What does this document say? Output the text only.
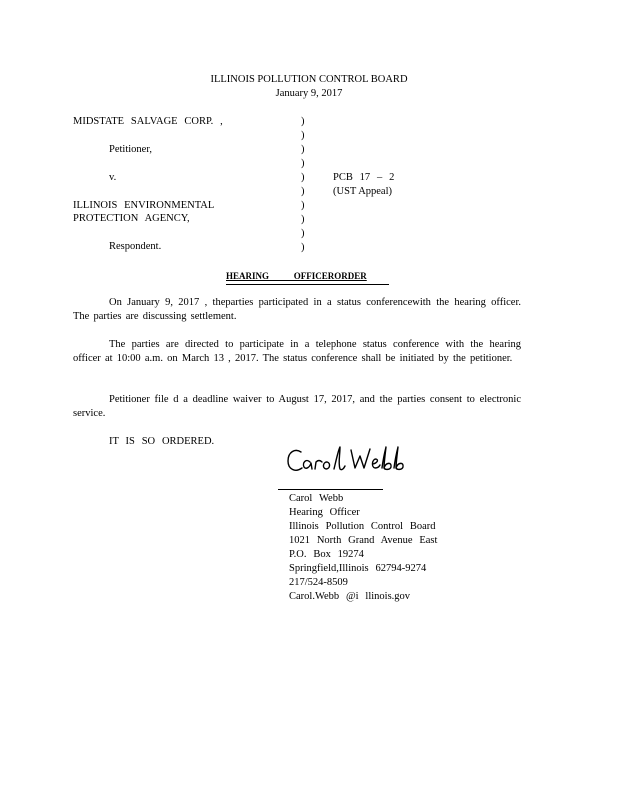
ILLINOIS POLLUTION CONTROL BOARD
January 9, 2017
MIDSTATE SALVAGE CORP. ,
Petitioner,
v.
ILLINOIS ENVIRONMENTAL
PROTECTION AGENCY,
Respondent.
)
)
)
)
)
)
)
)
)
)
PCB 17 – 2
(UST Appeal)
HEARING           OFFICERORDER
On January 9, 2017 , theparties participated in a status conferencewith the hearing officer. The parties are discussing settlement.
The parties are directed to participate in a telephone status conference with the hearing officer at 10:00 a.m. on March 13 , 2017. The status conference shall be initiated by the petitioner.
Petitioner file d a deadline waiver to August 17, 2017, and the parties consent to electronic service.
IT IS SO ORDERED.
Carol Webb
Hearing Officer
Illinois Pollution Control Board
1021 North Grand Avenue East
P.O. Box 19274
Springfield,Illinois 62794-9274
217/524-8509
Carol.Webb @i llinois.gov
